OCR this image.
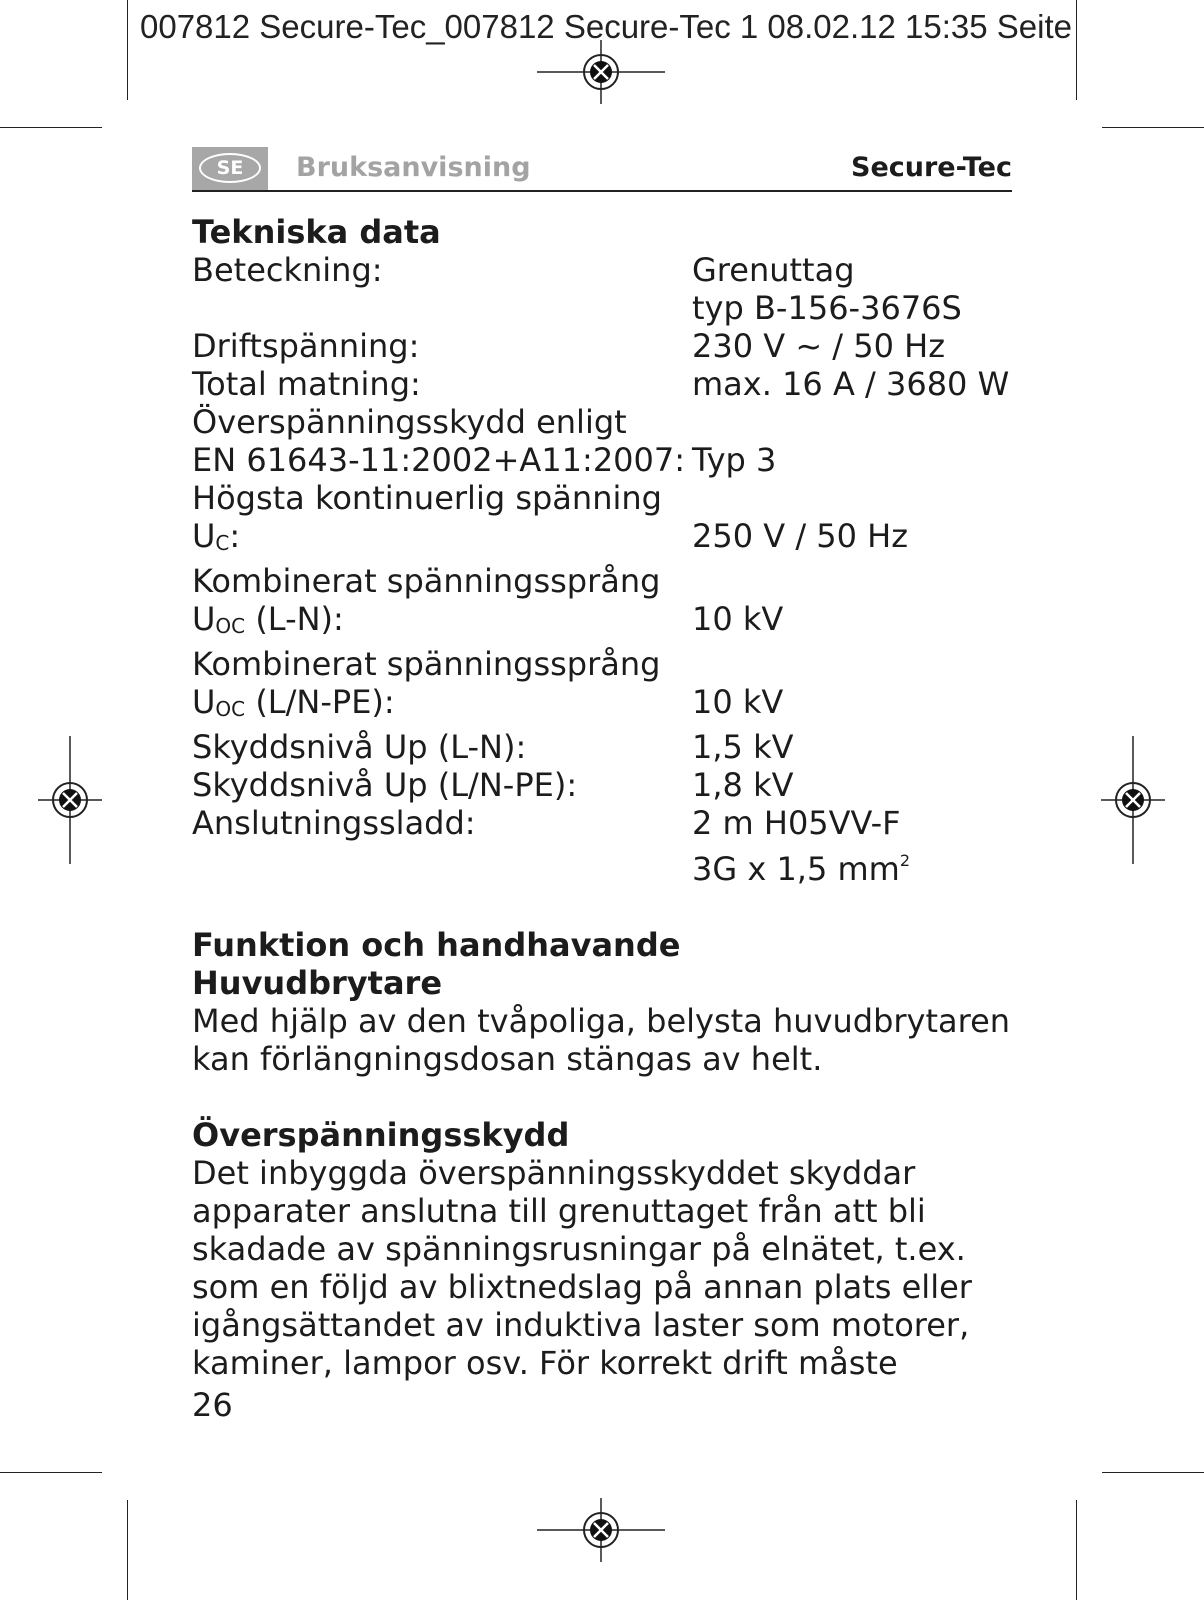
007812 Secure-Tec_007812 Secure-Tec 1 08.02.12 15:35 Seite

SE	Bruksanvisning	Secure-Tec
Tekniska data
Beteckning:	Grenuttag
typ B-156-3676S
Driftspänning:	230 V ~ / 50 Hz
Total matning:	max. 16 A / 3680 W
Överspänningsskydd enligt
EN 61643-11:2002+A11:2007: Typ 3
Högsta kontinuerlig spänning
UC:	250 V / 50 Hz
Kombinerat spänningssprång
UOC (L-N):	10 kV
Kombinerat spänningssprång
UOC (L/N-PE):	10 kV
Skyddsnivå Up (L-N):	1,5 kV
Skyddsnivå Up (L/N-PE):	1,8 kV
Anslutningssladd:	2 m H05VV-F
3G x 1,5 $mm^2$
Funktion och handhavande
Huvudbrytare

Med hjälp av den tvåpoliga, belysta huvudbrytaren

kan förlängningsdosan stängas av helt.

Överspänningsskydd

Det inbyggda överspänningsskyddet skyddar

apparater anslutna till grenuttaget från att bli

skadade av spänningsrusningar på elnätet, t.ex.

som en följd av blixtnedslag på annan plats eller

igångsättandet av induktiva laster som motorer,

kaminer, lampor osv. För korrekt drift måste

26
